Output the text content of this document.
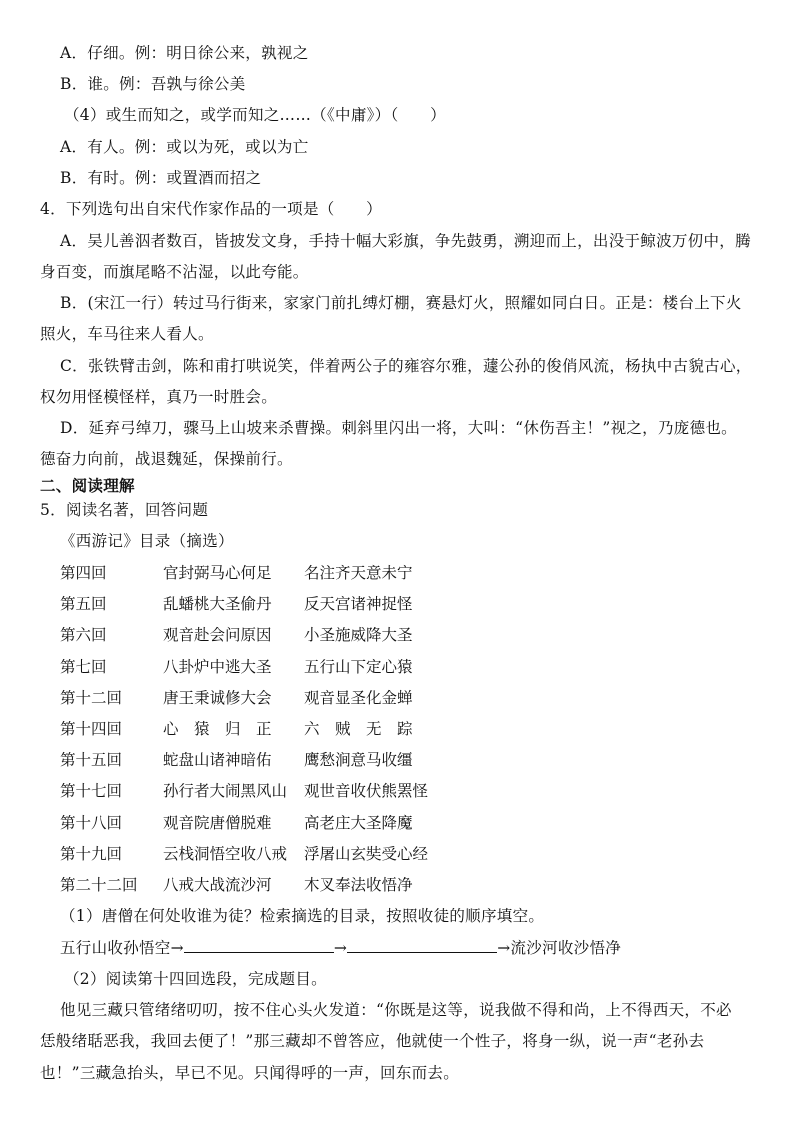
A．仔细。例：明日徐公来，孰视之
B．谁。例：吾孰与徐公美
（4）或生而知之，或学而知之……（《中庸》）（　　）
A．有人。例：或以为死，或以为亡
B．有时。例：或置酒而招之
4．下列选句出自宋代作家作品的一项是（　　）
A．吴儿善泅者数百，皆披发文身，手持十幅大彩旗，争先鼓勇，溯迎而上，出没于鲸波万仞中，腾
身百变，而旗尾略不沾湿，以此夸能。
B．(宋江一行）转过马行街来，家家门前扎缚灯棚，赛悬灯火，照耀如同白日。正是：楼台上下火
照火，车马往来人看人。
C．张铁臂击剑，陈和甫打哄说笑，伴着两公子的雍容尔雅，蘧公孙的俊俏风流，杨执中古貌古心，
权勿用怪模怪样，真乃一时胜会。
D．延弃弓绰刀，骤马上山坡来杀曹操。刺斜里闪出一将，大叫：“休伤吾主！”视之，乃庞德也。
德奋力向前，战退魏延，保操前行。
二、阅读理解
5．阅读名著，回答问题
《西游记》目录（摘选）
第四回	官封弼马心何足 名注齐天意未宁
第五回	乱蟠桃大圣偷丹 反天宫诸神捉怪
第六回	观音赴会问原因 小圣施威降大圣
第七回	八卦炉中逃大圣 五行山下定心猿
第十二回	唐王秉诚修大会 观音显圣化金蝉
第十四回	心　猿　归　正 六　贼　无　踪
第十五回	蛇盘山诸神暗佑 鹰愁涧意马收缰
第十七回	孙行者大闹黑风山 观世音收伏熊罴怪
第十八回	观音院唐僧脱难 高老庄大圣降魔
第十九回	云栈洞悟空收八戒 浮屠山玄奘受心经
第二十二回 八戒大战流沙河 木叉奉法收悟净
（1）唐僧在何处收谁为徒？检索摘选的目录，按照收徒的顺序填空。
五行山收孙悟空→	→	→流沙河收沙悟净
（2）阅读第十四回选段，完成题目。
他见三藏只管绪绪叨叨，按不住心头火发道：“你既是这等，说我做不得和尚，上不得西天，不必
恁般绪聒恶我，我回去便了！”那三藏却不曾答应，他就使一个性子，将身一纵，说一声“老孙去
也！”三藏急抬头，早已不见。只闻得呼的一声，回东而去。
